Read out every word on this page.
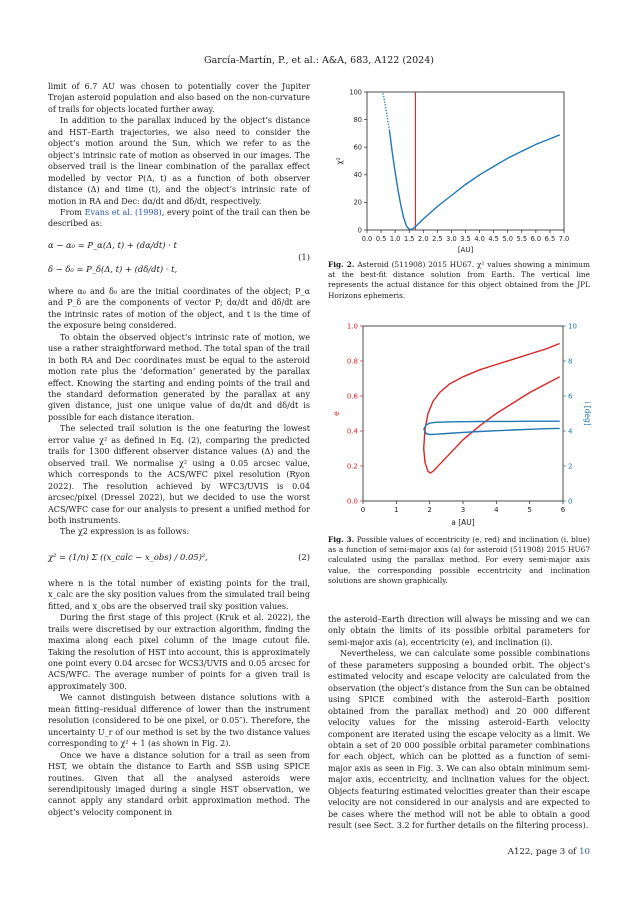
García-Martín, P., et al.: A&A, 683, A122 (2024)

limit of 6.7 AU was chosen to potentially cover the Jupiter Trojan asteroid population and also based on the non-curvature of trails for objects located further away.

In addition to the parallax induced by the object’s distance and HST–Earth trajectories, we also need to consider the object’s motion around the Sun, which we refer to as the object’s intrinsic rate of motion as observed in our images. The observed trail is the linear combination of the parallax effect modelled by vector P(Δ, t) as a function of both observer distance (Δ) and time (t), and the object’s intrinsic rate of motion in RA and Dec: dα/dt and dδ/dt, respectively.

From Evans et al. (1998), every point of the trail can then be described as:

α − α₀ = P_α(Δ, t) + (dα/dt) · t
δ − δ₀ = P_δ(Δ, t) + (dδ/dt) · t,
(1)

where α₀ and δ₀ are the initial coordinates of the object; P_α and P_δ are the components of vector P; dα/dt and dδ/dt are the intrinsic rates of motion of the object, and t is the time of the exposure being considered.

To obtain the observed object’s intrinsic rate of motion, we use a rather straightforward method. The total span of the trail in both RA and Dec coordinates must be equal to the asteroid motion rate plus the ‘deformation’ generated by the parallax effect. Knowing the starting and ending points of the trail and the standard deformation generated by the parallax at any given distance, just one unique value of dα/dt and dδ/dt is possible for each distance iteration.

The selected trail solution is the one featuring the lowest error value χ² as defined in Eq. (2), comparing the predicted trails for 1300 different observer distance values (Δ) and the observed trail. We normalise χ² using a 0.05 arcsec value, which corresponds to the ACS/WFC pixel resolution (Ryon 2022). The resolution achieved by WFC3/UVIS is 0.04 arcsec/pixel (Dressel 2022), but we decided to use the worst ACS/WFC case for our analysis to present a unified method for both instruments.

The χ2 expression is as follows:

χ² = (1/n) Σ ((x_calc − x_obs) / 0.05)²,	(2)

where n is the total number of existing points for the trail, x_calc are the sky position values from the simulated trail being fitted, and x_obs are the observed trail sky position values.

During the first stage of this project (Kruk et al. 2022), the trails were discretised by our extraction algorithm, finding the maxima along each pixel column of the image cutout file. Taking the resolution of HST into account, this is approximately one point every 0.04 arcsec for WCS3/UVIS and 0.05 arcsec for ACS/WFC. The average number of points for a given trail is approximately 300.

We cannot distinguish between distance solutions with a mean fitting–residual difference of lower than the instrument resolution (considered to be one pixel, or 0.05″). Therefore, the uncertainty U_r of our method is set by the two distance values corresponding to χ² + 1 (as shown in Fig. 2).

Once we have a distance solution for a trail as seen from HST, we obtain the distance to Earth and SSB using SPICE routines. Given that all the analysed asteroids were serendipitously imaged during a single HST observation, we cannot apply any standard orbit approximation method. The object’s velocity component in

0.0 0.5 1.0 1.5 2.0 2.5 3.0 3.5 4.0 4.5 5.0 5.5 6.0 6.5 7.0
0
20
40
60
80
100
[AU]
χ²
Fig. 2. Asteroid (511908) 2015 HU67. χ² values showing a minimum at the best-fit distance solution from Earth. The vertical line represents the actual distance for this object obtained from the JPL Horizons ephemeris.
0	1	2	3	4	5	6
0.0
0.2
0.4
0.6
0.8
1.0
0
2
4
6
8
10
a [AU]
e	i [deg]
Fig. 3. Possible values of eccentricity (e, red) and inclination (i, blue) as a function of semi-major axis (a) for asteroid (511908) 2015 HU67 calculated using the parallax method. For every semi-major axis value, the corresponding possible eccentricity and inclination solutions are shown graphically.

the asteroid–Earth direction will always be missing and we can only obtain the limits of its possible orbital parameters for semi-major axis (a), eccentricity (e), and inclination (i).

Nevertheless, we can calculate some possible combinations of these parameters supposing a bounded orbit. The object’s estimated velocity and escape velocity are calculated from the observation (the object’s distance from the Sun can be obtained using SPICE combined with the asteroid–Earth position obtained from the parallax method) and 20 000 different velocity values for the missing asteroid–Earth velocity component are iterated using the escape velocity as a limit. We obtain a set of 20 000 possible orbital parameter combinations for each object, which can be plotted as a function of semi-major axis as seen in Fig. 3. We can also obtain minimum semi-major axis, eccentricity, and inclination values for the object. Objects featuring estimated velocities greater than their escape velocity are not considered in our analysis and are expected to be cases where the method will not be able to obtain a good result (see Sect. 3.2 for further details on the filtering process).

A122, page 3 of 10
